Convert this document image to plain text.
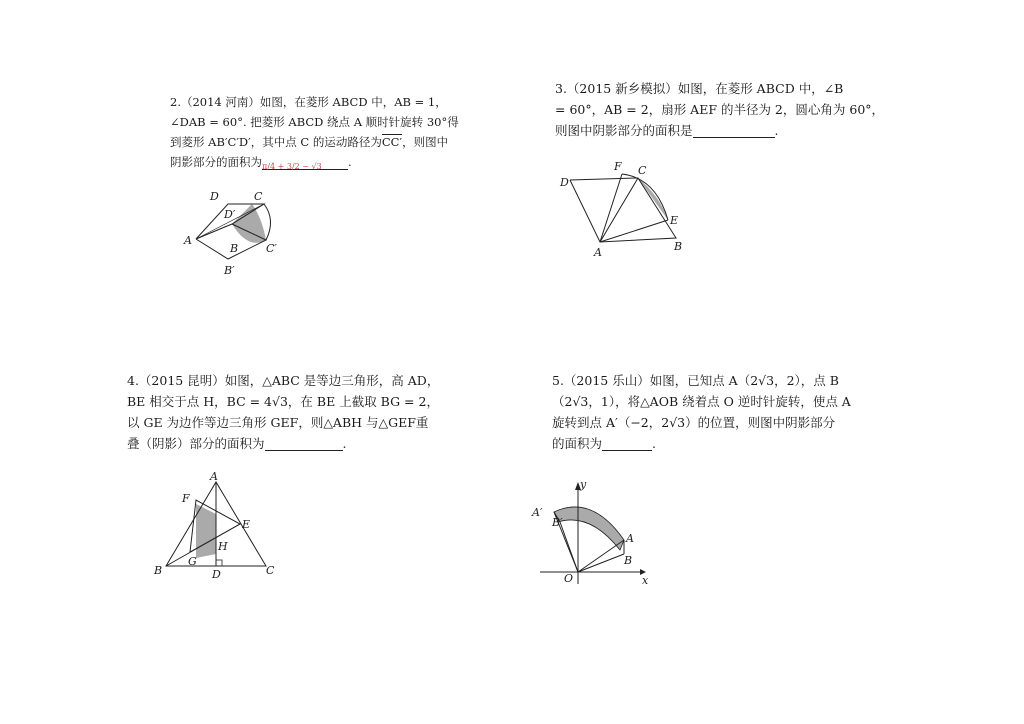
2.（2014 河南）如图，在菱形 ABCD 中，AB = 1，

∠DAB = 60°. 把菱形 ABCD 绕点 A 顺时针旋转 30°得

到菱形 AB′C′D′，其中点 C 的运动路径为CC′，则图中

阴影部分的面积为π/4 + 3/2 − √3 .

D	C
D′
A
B	C′
B′

3.（2015 新乡模拟）如图，在菱形 ABCD 中，∠B

= 60°，AB = 2，扇形 AEF 的半径为 2，圆心角为 60°，

则图中阴影部分的面积是	.

F C
D
E
A	B

4.（2015 昆明）如图，△ABC 是等边三角形，高 AD，

BE 相交于点 H，BC = 4√3，在 BE 上截取 BG = 2，

以 GE 为边作等边三角形 GEF，则△ABH 与△GEF重

叠（阴影）部分的面积为	.

A
F
E
H
G
B	D	C

5.（2015 乐山）如图，已知点 A（2√3，2），点 B

（2√3，1），将△AOB 绕着点 O 逆时针旋转，使点 A

旋转到点 A′（−2，2√3）的位置，则图中阴影部分

的面积为	.

y
A′
B′
A
B
O	x
